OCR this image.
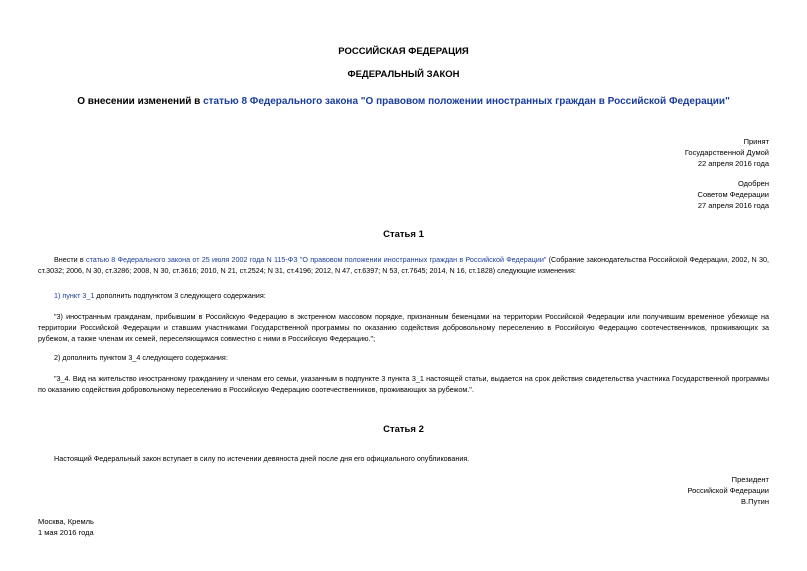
РОССИЙСКАЯ ФЕДЕРАЦИЯ
ФЕДЕРАЛЬНЫЙ ЗАКОН
О внесении изменений в статью 8 Федерального закона "О правовом положении иностранных граждан в Российской Федерации"
Принят
Государственной Думой
22 апреля 2016 года
Одобрен
Советом Федерации
27 апреля 2016 года
Статья 1

Внести в статью 8 Федерального закона от 25 июля 2002 года N 115-ФЗ "О правовом положении иностранных граждан в Российской Федерации" (Собрание законодательства Российской Федерации, 2002, N 30, ст.3032; 2006, N 30, ст.3286; 2008, N 30, ст.3616; 2010, N 21, ст.2524; N 31, ст.4196; 2012, N 47, ст.6397; N 53, ст.7645; 2014, N 16, ст.1828) следующие изменения:

1) пункт 3_1 дополнить подпунктом 3 следующего содержания:

"3) иностранным гражданам, прибывшим в Российскую Федерацию в экстренном массовом порядке, признанным беженцами на территории Российской Федерации или получившим временное убежище на территории Российской Федерации и ставшим участниками Государственной программы по оказанию содействия добровольному переселению в Российскую Федерацию соотечественников, проживающих за рубежом, а также членам их семей, переселяющимся совместно с ними в Российскую Федерацию.";

2) дополнить пунктом 3_4 следующего содержания:

"3_4. Вид на жительство иностранному гражданину и членам его семьи, указанным в подпункте 3 пункта 3_1 настоящей статьи, выдается на срок действия свидетельства участника Государственной программы по оказанию содействия добровольному переселению в Российскую Федерацию соотечественников, проживающих за рубежом.".

Статья 2

Настоящий Федеральный закон вступает в силу по истечении девяноста дней после дня его официального опубликования.

Президент
Российской Федерации
В.Путин
Москва, Кремль
1 мая 2016 года
